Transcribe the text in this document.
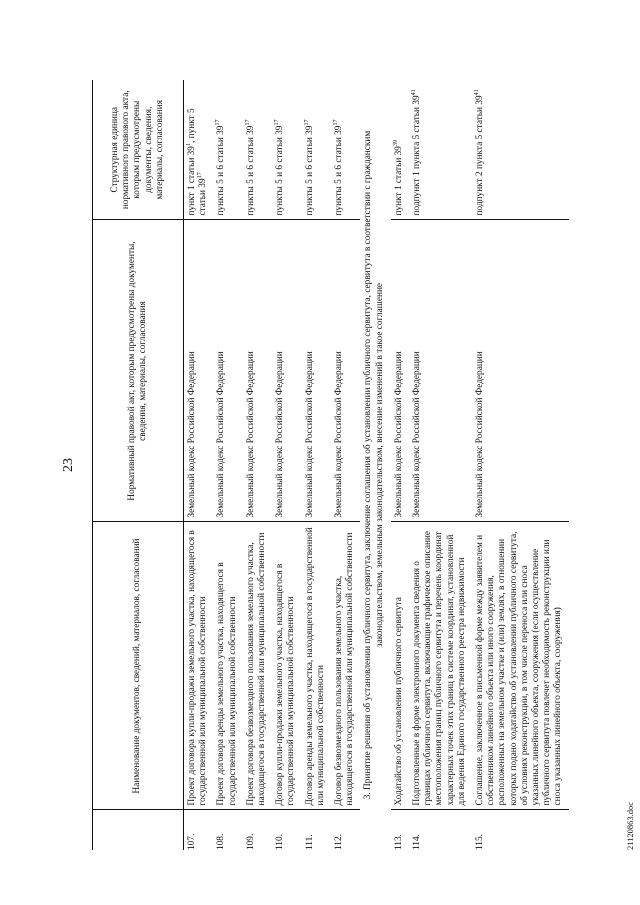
23
	Наименование документов, сведений, материалов, согласований	Нормативный правовой акт, которым предусмотрены документы, сведения, материалы, согласования	Структурная единица нормативного правового акта, которым предусмотрены документы, сведения, материалы, согласования
107.	Проект договора купли-продажи земельного участка, находящегося в государственной или муниципальной собственности	Земельный кодекс Российской Федерации	пункт 1 статьи $39^1$, пункт 5 статьи $39^{17}$
108.	Проект договора аренды земельного участка, находящегося в государственной или муниципальной собственности	Земельный кодекс Российской Федерации	пункты 5 и 6 статьи $39^{17}$
109.	Проект договора безвозмездного пользования земельного участка, находящегося в государственной или муниципальной собственности	Земельный кодекс Российской Федерации	пункты 5 и 6 статьи $39^{17}$
110.	Договор купли-продажи земельного участка, находящегося в государственной или муниципальной собственности	Земельный кодекс Российской Федерации	пункты 5 и 6 статьи $39^{17}$
111.	Договор аренды земельного участка, находящегося в государственной или муниципальной собственности	Земельный кодекс Российской Федерации	пункты 5 и 6 статьи $39^{17}$
112.	Договор безвозмездного пользования земельного участка, находящегося в государственной или муниципальной собственности	Земельный кодекс Российской Федерации	пункты 5 и 6 статьи $39^{17}$
3. Принятие решения об установлении публичного сервитута, заключение соглашения об установлении публичного сервитута, сервитута в соответствии с гражданским законодательством, земельным законодательством, внесение изменений в такое соглашение			
113.	Ходатайство об установлении публичного сервитута	Земельный кодекс Российской Федерации	пункт 1 статьи $39^{39}$
114.	Подготовленные в форме электронного документа сведения о границах публичного сервитута, включающие графическое описание местоположения границ публичного сервитута и перечень координат характерных точек этих границ в системе координат, установленной для ведения Единого государственного реестра недвижимости	Земельный кодекс Российской Федерации	подпункт 1 пункта 5 статьи $39^{41}$
115.	Соглашение, заключенное в письменной форме между заявителем и собственником линейного объекта или иного сооружения, расположенных на земельном участке и (или) землях, в отношении которых подано ходатайство об установлении публичного сервитута, об условиях реконструкции, в том числе переноса или сноса указанных линейного объекта, сооружения (если осуществление публичного сервитута повлечет необходимость реконструкции или сноса указанных линейного объекта, сооружения)	Земельный кодекс Российской Федерации	подпункт 2 пункта 5 статьи $39^{41}$
21120863.doc
